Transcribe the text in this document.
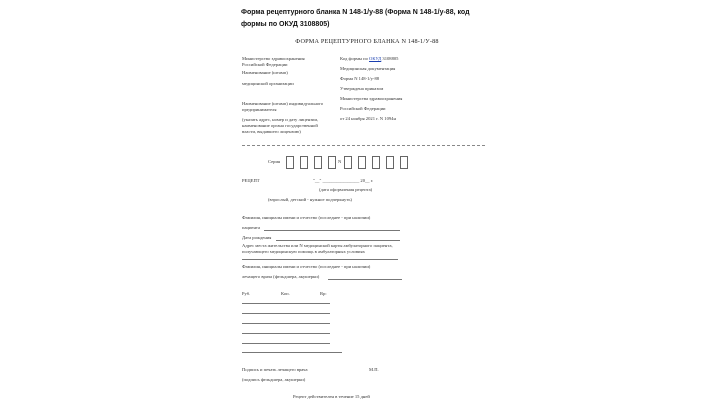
Форма рецептурного бланка N 148-1/у-88 (Форма N 148-1/у-88, код формы по ОКУД 3108805)
ФОРМА РЕЦЕПТУРНОГО БЛАНКА N 148-1/У-88
Министерство здравоохранения
Российской Федерации
Наименование (штамп)
медицинской организации
Наименование (штамп) индивидуального
предпринимателя
(указать адрес, номер и дату лицензии,
наименование органа государственной
власти, выдавшего лицензию)
Код формы по ОКУД 3108805
Медицинская документация
Форма N 148-1/у-88
Утверждена приказом
Министерства здравоохранения
Российской Федерации
от 24 ноября 2021 г. N 1094н
Серия	N
РЕЦЕПТ	"__" ________________ 20__ г.
(дата оформления рецепта)
(взрослый, детский - нужное подчеркнуть)
Фамилия, инициалы имени и отчество (последнее - при наличии)
пациента
Дата рождения
Адрес места жительства или N медицинской карты амбулаторного пациента,
получающего медицинскую помощь в амбулаторных условиях
Фамилия, инициалы имени и отчество (последнее - при наличии)
лечащего врача (фельдшера, акушерки)
Руб.	Коп.	Rp:
Подпись и печать лечащего врача	М.П.
(подпись фельдшера, акушерки)
Рецепт действителен в течение 15 дней
